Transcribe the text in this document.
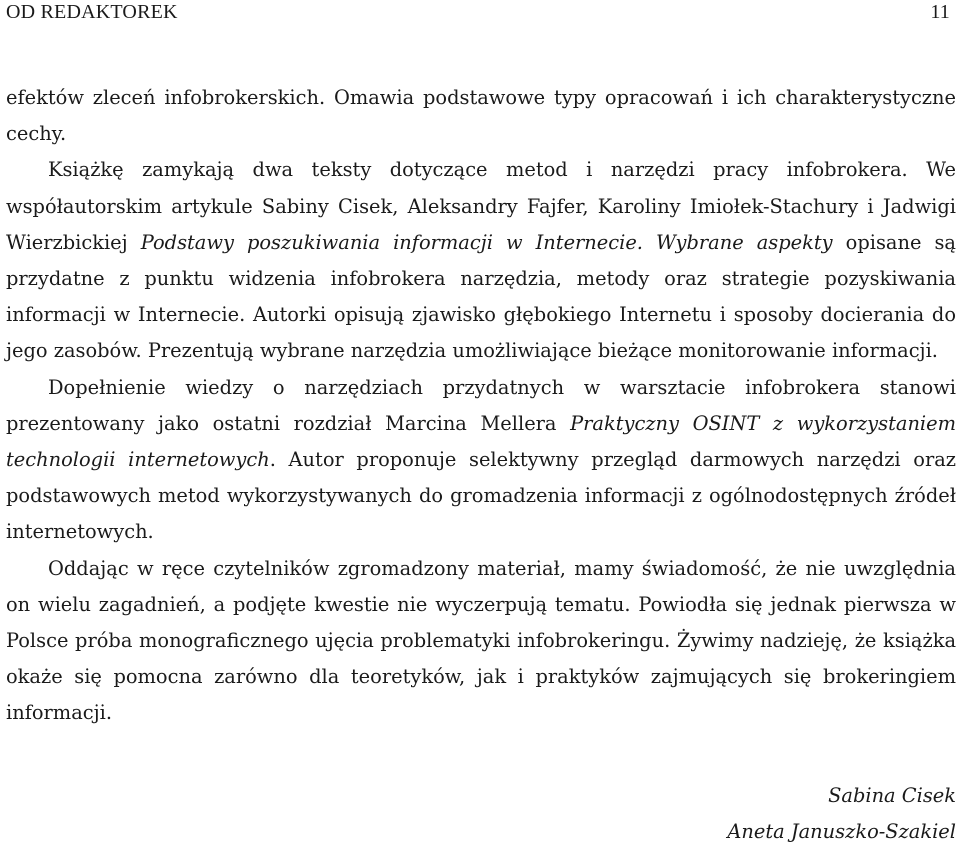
OD REDAKTOREK	11

efektów zleceń infobrokerskich. Omawia podstawowe typy opracowań i ich charakterystyczne cechy.

Książkę zamykają dwa teksty dotyczące metod i narzędzi pracy infobrokera. We współautorskim artykule Sabiny Cisek, Aleksandry Fajfer, Karoliny Imiołek-Stachury i Jadwigi Wierzbickiej Podstawy poszukiwania informacji w Internecie. Wybrane aspekty opisane są przydatne z punktu widzenia infobrokera narzędzia, metody oraz strategie pozyskiwania informacji w Internecie. Autorki opisują zjawisko głębokiego Internetu i sposoby docierania do jego zasobów. Prezentują wybrane narzędzia umożliwiające bieżące monitorowanie informacji.

Dopełnienie wiedzy o narzędziach przydatnych w warsztacie infobrokera stanowi prezentowany jako ostatni rozdział Marcina Mellera Praktyczny OSINT z wykorzystaniem technologii internetowych. Autor proponuje selektywny przegląd darmowych narzędzi oraz podstawowych metod wykorzystywanych do gromadzenia informacji z ogólnodostępnych źródeł internetowych.

Oddając w ręce czytelników zgromadzony materiał, mamy świadomość, że nie uwzględnia on wielu zagadnień, a podjęte kwestie nie wyczerpują tematu. Powiodła się jednak pierwsza w Polsce próba monograficznego ujęcia problematyki infobrokeringu. Żywimy nadzieję, że książka okaże się pomocna zarówno dla teoretyków, jak i praktyków zajmujących się brokeringiem informacji.

Sabina Cisek
Aneta Januszko-Szakiel
